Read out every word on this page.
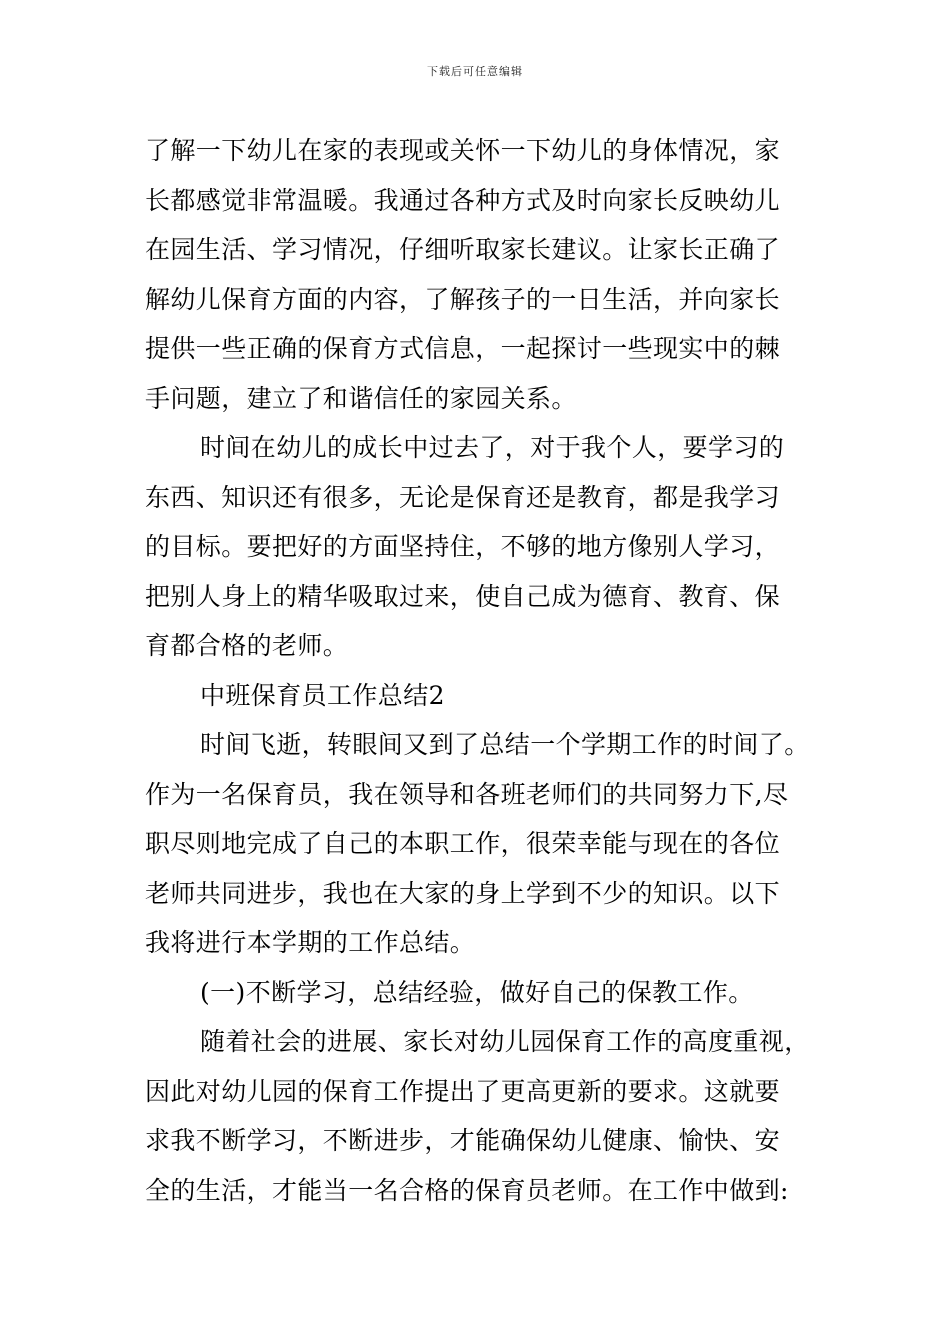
下载后可任意编辑
了解一下幼儿在家的表现或关怀一下幼儿的身体情况，家
长都感觉非常温暖。我通过各种方式及时向家长反映幼儿
在园生活、学习情况，仔细听取家长建议。让家长正确了
解幼儿保育方面的内容，了解孩子的一日生活，并向家长
提供一些正确的保育方式信息，一起探讨一些现实中的棘
手问题，建立了和谐信任的家园关系。
时间在幼儿的成长中过去了，对于我个人，要学习的
东西、知识还有很多，无论是保育还是教育，都是我学习
的目标。要把好的方面坚持住，不够的地方像别人学习，
把别人身上的精华吸取过来，使自己成为德育、教育、保
育都合格的老师。
中班保育员工作总结2
时间飞逝，转眼间又到了总结一个学期工作的时间了。
作为一名保育员，我在领导和各班老师们的共同努力下,尽
职尽则地完成了自己的本职工作，很荣幸能与现在的各位
老师共同进步，我也在大家的身上学到不少的知识。以下
我将进行本学期的工作总结。
(一)不断学习，总结经验，做好自己的保教工作。
随着社会的进展、家长对幼儿园保育工作的高度重视，
因此对幼儿园的保育工作提出了更高更新的要求。这就要
求我不断学习，不断进步，才能确保幼儿健康、愉快、安
全的生活，才能当一名合格的保育员老师。在工作中做到:
